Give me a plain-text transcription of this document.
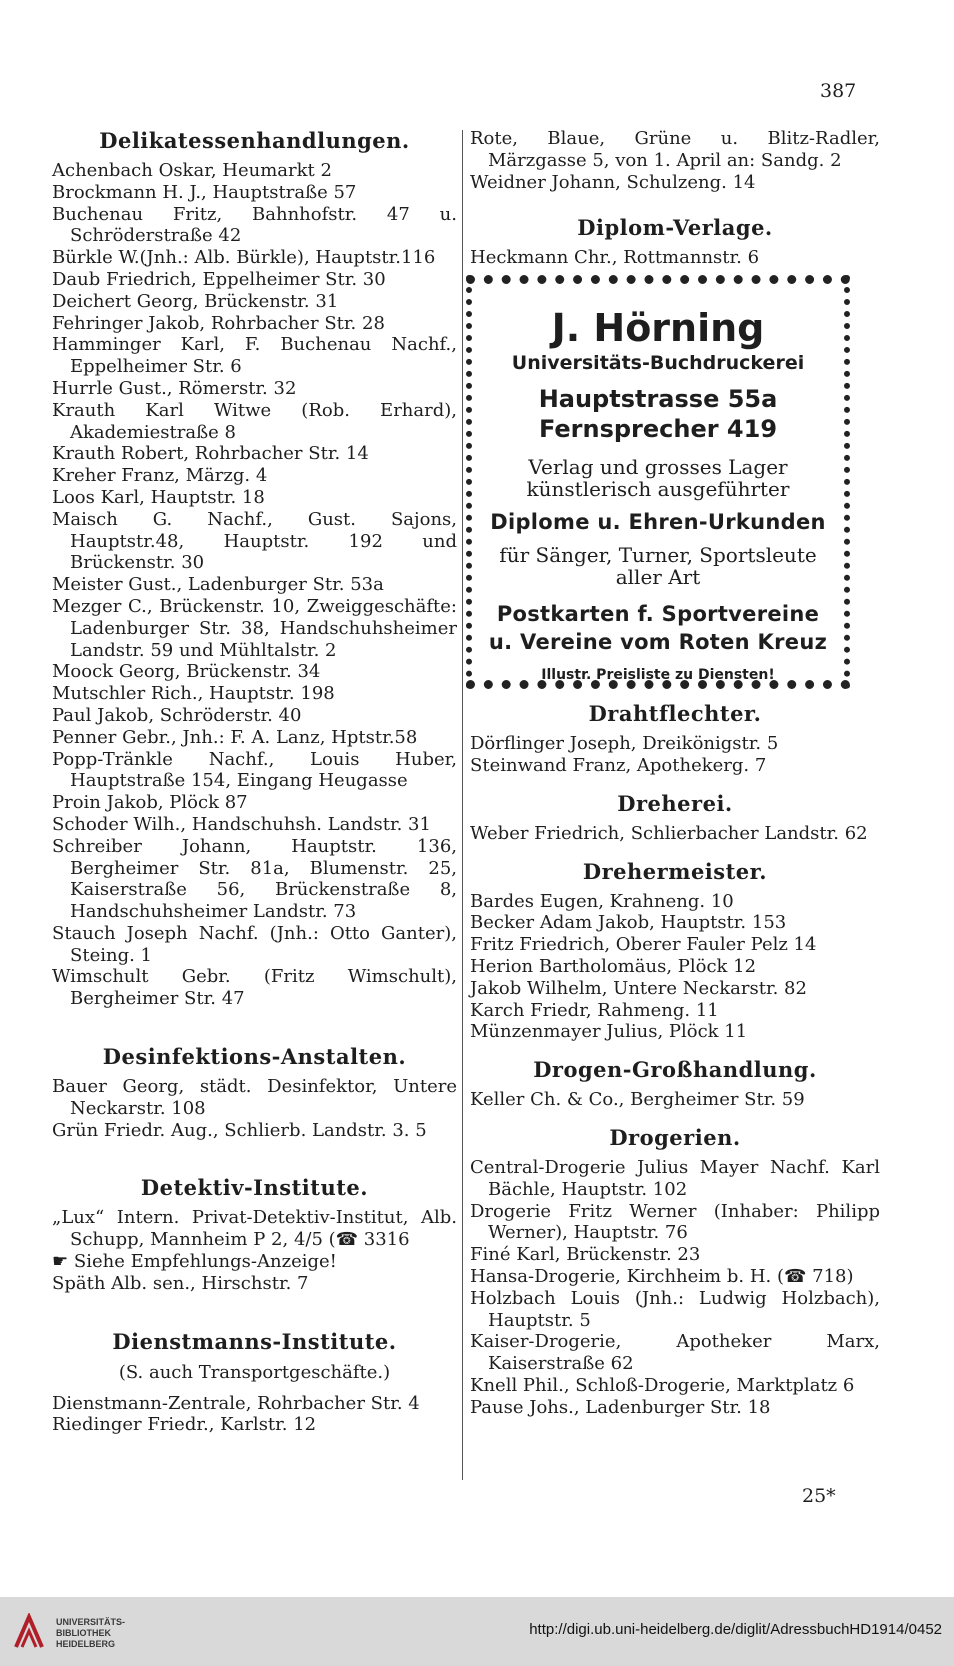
387
Delikatessenhandlungen.
Achenbach Oskar, Heumarkt 2
Brockmann H. J., Hauptstraße 57
Buchenau Fritz, Bahnhofstr. 47 u. Schröderstraße 42
Bürkle W.(Jnh.: Alb. Bürkle), Hauptstr.116
Daub Friedrich, Eppelheimer Str. 30
Deichert Georg, Brückenstr. 31
Fehringer Jakob, Rohrbacher Str. 28
Hamminger Karl, F. Buchenau Nachf., Eppelheimer Str. 6
Hurrle Gust., Römerstr. 32
Krauth Karl Witwe (Rob. Erhard), Akademiestraße 8
Krauth Robert, Rohrbacher Str. 14
Kreher Franz, Märzg. 4
Loos Karl, Hauptstr. 18
Maisch G. Nachf., Gust. Sajons, Hauptstr.48, Hauptstr. 192 und Brückenstr. 30
Meister Gust., Ladenburger Str. 53a
Mezger C., Brückenstr. 10, Zweiggeschäfte: Ladenburger Str. 38, Handschuhsheimer Landstr. 59 und Mühltalstr. 2
Moock Georg, Brückenstr. 34
Mutschler Rich., Hauptstr. 198
Paul Jakob, Schröderstr. 40
Penner Gebr., Jnh.: F. A. Lanz, Hptstr.58
Popp-Tränkle Nachf., Louis Huber, Hauptstraße 154, Eingang Heugasse
Proin Jakob, Plöck 87
Schoder Wilh., Handschuhsh. Landstr. 31
Schreiber Johann, Hauptstr. 136, Bergheimer Str. 81a, Blumenstr. 25, Kaiserstraße 56, Brückenstraße 8, Handschuhsheimer Landstr. 73
Stauch Joseph Nachf. (Jnh.: Otto Ganter), Steing. 1
Wimschult Gebr. (Fritz Wimschult), Bergheimer Str. 47
Desinfektions-Anstalten.
Bauer Georg, städt. Desinfektor, Untere Neckarstr. 108
Grün Friedr. Aug., Schlierb. Landstr. 3. 5
Detektiv-Institute.
„Lux“ Intern. Privat-Detektiv-Institut, Alb. Schupp, Mannheim P 2, 4/5 (☎ 3316
☛ Siehe Empfehlungs-Anzeige!
Späth Alb. sen., Hirschstr. 7
Dienstmanns-Institute.
(S. auch Transportgeschäfte.)
Dienstmann-Zentrale, Rohrbacher Str. 4
Riedinger Friedr., Karlstr. 12
Rote, Blaue, Grüne u. Blitz-Radler, Märzgasse 5, von 1. April an: Sandg. 2
Weidner Johann, Schulzeng. 14
Diplom-Verlage.
Heckmann Chr., Rottmannstr. 6
J. Hörning
Universitäts-Buchdruckerei
Hauptstrasse 55a
Fernsprecher 419
Verlag und grosses Lager
künstlerisch ausgeführter
Diplome u. Ehren-Urkunden
für Sänger, Turner, Sportsleute
aller Art
Postkarten f. Sportvereine
u. Vereine vom Roten Kreuz
Illustr. Preisliste zu Diensten!
Drahtflechter.
Dörflinger Joseph, Dreikönigstr. 5
Steinwand Franz, Apothekerg. 7
Dreherei.
Weber Friedrich, Schlierbacher Landstr. 62
Drehermeister.
Bardes Eugen, Krahneng. 10
Becker Adam Jakob, Hauptstr. 153
Fritz Friedrich, Oberer Fauler Pelz 14
Herion Bartholomäus, Plöck 12
Jakob Wilhelm, Untere Neckarstr. 82
Karch Friedr, Rahmeng. 11
Münzenmayer Julius, Plöck 11
Drogen-Großhandlung.
Keller Ch. & Co., Bergheimer Str. 59
Drogerien.
Central-Drogerie Julius Mayer Nachf. Karl Bächle, Hauptstr. 102
Drogerie Fritz Werner (Inhaber: Philipp Werner), Hauptstr. 76
Finé Karl, Brückenstr. 23
Hansa-Drogerie, Kirchheim b. H. (☎ 718)
Holzbach Louis (Jnh.: Ludwig Holzbach), Hauptstr. 5
Kaiser-Drogerie, Apotheker Marx, Kaiserstraße 62
Knell Phil., Schloß-Drogerie, Marktplatz 6
Pause Johs., Ladenburger Str. 18
25*
UNIVERSITÄTS-
BIBLIOTHEK
HEIDELBERG
http://digi.ub.uni-heidelberg.de/diglit/AdressbuchHD1914/0452
